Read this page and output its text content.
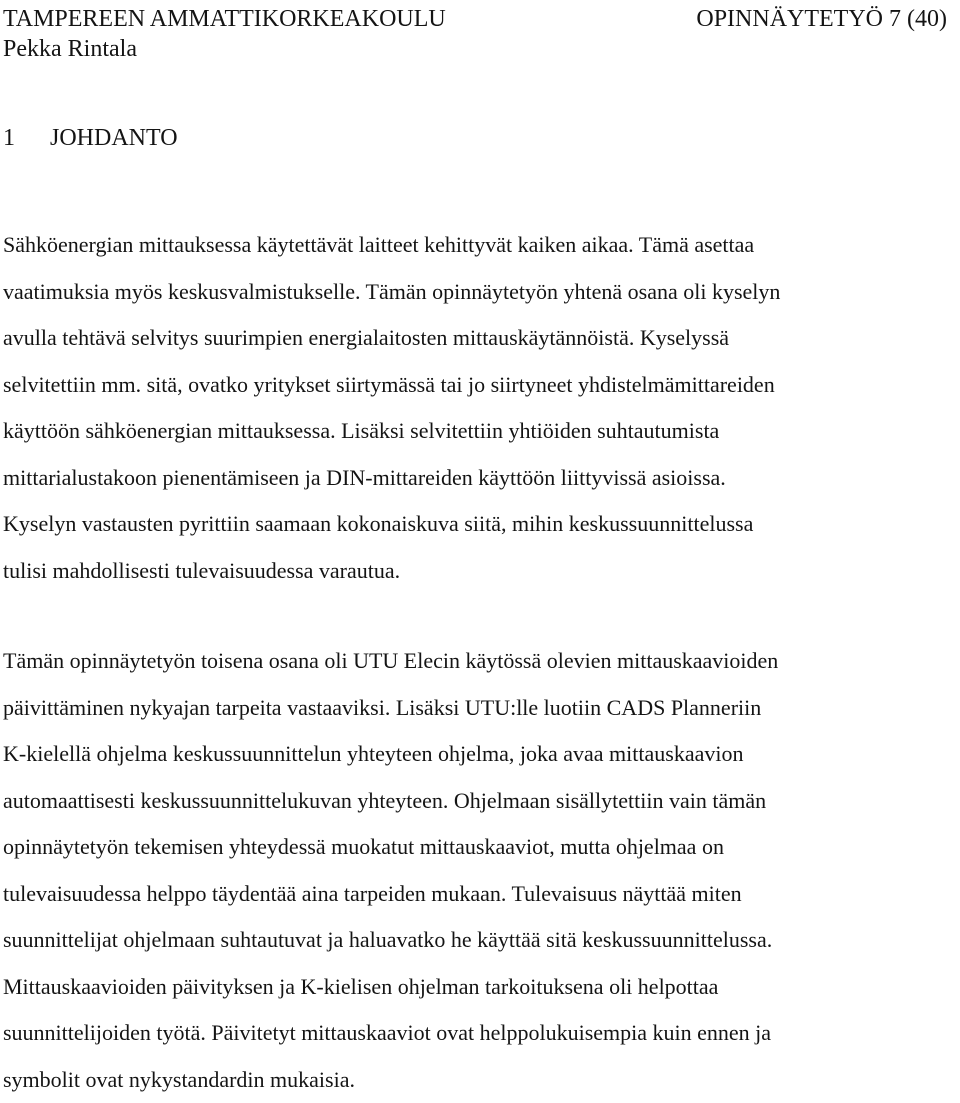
TAMPEREEN AMMATTIKORKEAKOULU	OPINNÄYTETYÖ 7 (40)
Pekka Rintala
1 JOHDANTO

Sähköenergian mittauksessa käytettävät laitteet kehittyvät kaiken aikaa. Tämä asettaa
vaatimuksia myös keskusvalmistukselle. Tämän opinnäytetyön yhtenä osana oli kyselyn
avulla tehtävä selvitys suurimpien energialaitosten mittauskäytännöistä. Kyselyssä
selvitettiin mm. sitä, ovatko yritykset siirtymässä tai jo siirtyneet yhdistelmämittareiden
käyttöön sähköenergian mittauksessa. Lisäksi selvitettiin yhtiöiden suhtautumista
mittarialustakoon pienentämiseen ja DIN-mittareiden käyttöön liittyvissä asioissa.
Kyselyn vastausten pyrittiin saamaan kokonaiskuva siitä, mihin keskussuunnittelussa
tulisi mahdollisesti tulevaisuudessa varautua.

Tämän opinnäytetyön toisena osana oli UTU Elecin käytössä olevien mittauskaavioiden
päivittäminen nykyajan tarpeita vastaaviksi. Lisäksi UTU:lle luotiin CADS Planneriin
K-kielellä ohjelma keskussuunnittelun yhteyteen ohjelma, joka avaa mittauskaavion
automaattisesti keskussuunnittelukuvan yhteyteen. Ohjelmaan sisällytettiin vain tämän
opinnäytetyön tekemisen yhteydessä muokatut mittauskaaviot, mutta ohjelmaa on
tulevaisuudessa helppo täydentää aina tarpeiden mukaan. Tulevaisuus näyttää miten
suunnittelijat ohjelmaan suhtautuvat ja haluavatko he käyttää sitä keskussuunnittelussa.
Mittauskaavioiden päivityksen ja K-kielisen ohjelman tarkoituksena oli helpottaa
suunnittelijoiden työtä. Päivitetyt mittauskaaviot ovat helppolukuisempia kuin ennen ja
symbolit ovat nykystandardin mukaisia.
